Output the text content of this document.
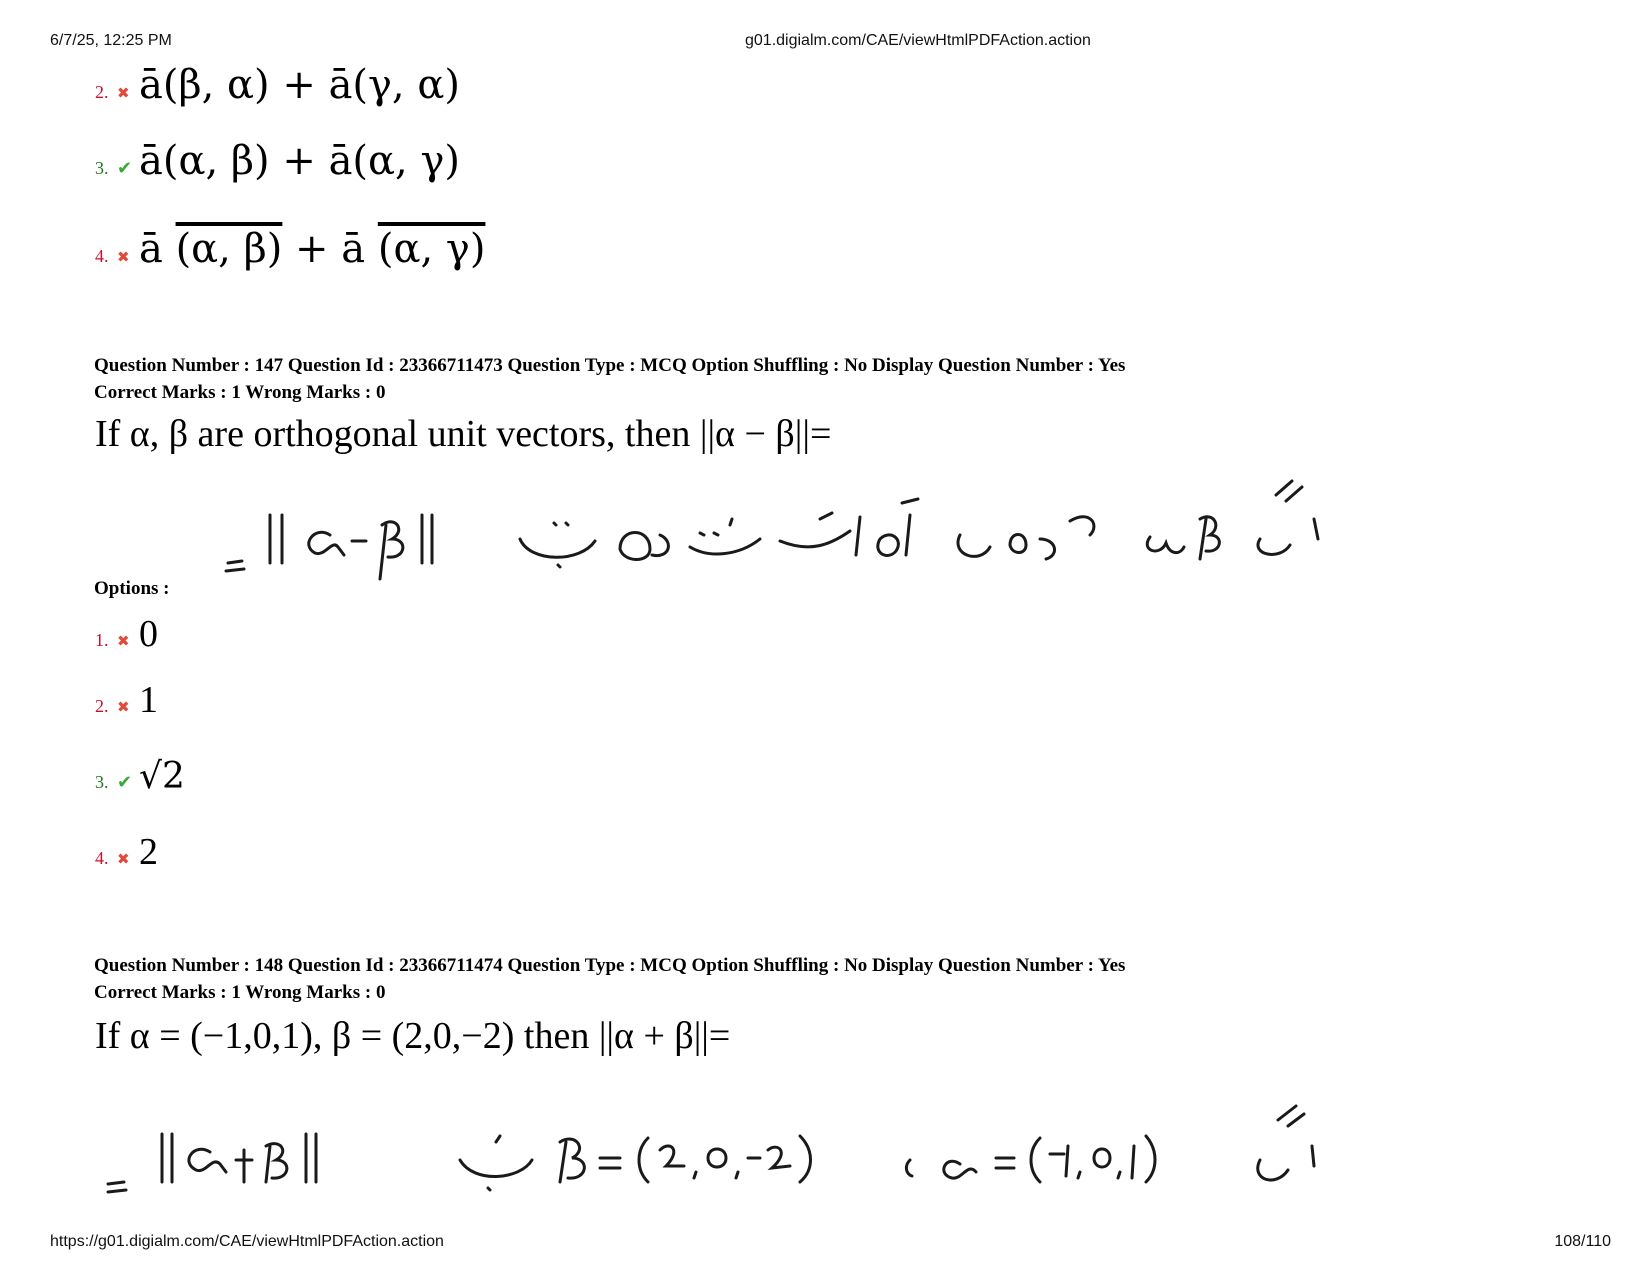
6/7/25, 12:25 PM	g01.digialm.com/CAE/viewHtmlPDFAction.action
2. ✖ ā(β, α) + ā(γ, α)
3. ✔ ā(α, β) + ā(α, γ)
4. ✖ ā (α, β) + ā (α, γ)
Question Number : 147 Question Id : 23366711473 Question Type : MCQ Option Shuffling : No Display Question Number : Yes
Correct Marks : 1 Wrong Marks : 0
If α, β are orthogonal unit vectors, then ||α − β||=
Options :
1. ✖ 0
2. ✖ 1
3. ✔ √2
4. ✖ 2
Question Number : 148 Question Id : 23366711474 Question Type : MCQ Option Shuffling : No Display Question Number : Yes
Correct Marks : 1 Wrong Marks : 0
If α = (−1,0,1), β = (2,0,−2) then ||α + β||=
https://g01.digialm.com/CAE/viewHtmlPDFAction.action	108/110
